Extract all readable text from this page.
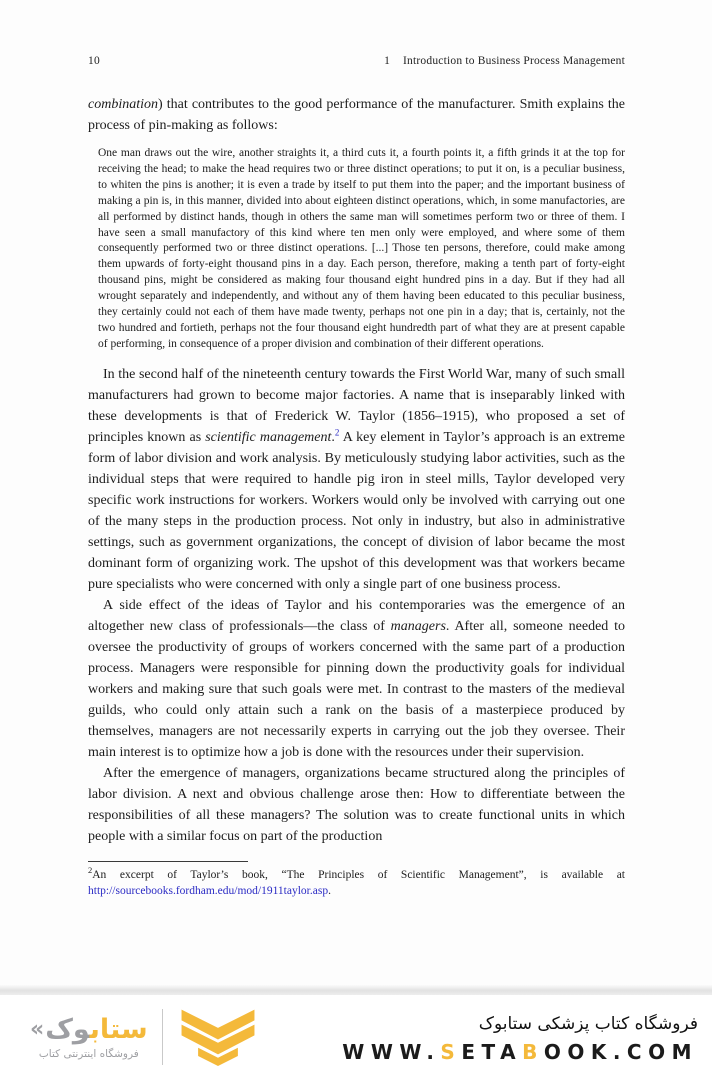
10	1 Introduction to Business Process Management

combination) that contributes to the good performance of the manufacturer. Smith explains the process of pin-making as follows:

One man draws out the wire, another straights it, a third cuts it, a fourth points it, a fifth grinds it at the top for receiving the head; to make the head requires two or three distinct operations; to put it on, is a peculiar business, to whiten the pins is another; it is even a trade by itself to put them into the paper; and the important business of making a pin is, in this manner, divided into about eighteen distinct operations, which, in some manufactories, are all performed by distinct hands, though in others the same man will sometimes perform two or three of them. I have seen a small manufactory of this kind where ten men only were employed, and where some of them consequently performed two or three distinct operations. [...] Those ten persons, therefore, could make among them upwards of forty-eight thousand pins in a day. Each person, therefore, making a tenth part of forty-eight thousand pins, might be considered as making four thousand eight hundred pins in a day. But if they had all wrought separately and independently, and without any of them having been educated to this peculiar business, they certainly could not each of them have made twenty, perhaps not one pin in a day; that is, certainly, not the two hundred and fortieth, perhaps not the four thousand eight hundredth part of what they are at present capable of performing, in consequence of a proper division and combination of their different operations.

In the second half of the nineteenth century towards the First World War, many of such small manufacturers had grown to become major factories. A name that is inseparably linked with these developments is that of Frederick W. Taylor (1856–1915), who proposed a set of principles known as scientific management.$^2$ A key element in Taylor’s approach is an extreme form of labor division and work analysis. By meticulously studying labor activities, such as the individual steps that were required to handle pig iron in steel mills, Taylor developed very specific work instructions for workers. Workers would only be involved with carrying out one of the many steps in the production process. Not only in industry, but also in administrative settings, such as government organizations, the concept of division of labor became the most dominant form of organizing work. The upshot of this development was that workers became pure specialists who were concerned with only a single part of one business process.

A side effect of the ideas of Taylor and his contemporaries was the emergence of an altogether new class of professionals—the class of managers. After all, someone needed to oversee the productivity of groups of workers concerned with the same part of a production process. Managers were responsible for pinning down the productivity goals for individual workers and making sure that such goals were met. In contrast to the masters of the medieval guilds, who could only attain such a rank on the basis of a masterpiece produced by themselves, managers are not necessarily experts in carrying out the job they oversee. Their main interest is to optimize how a job is done with the resources under their supervision.

After the emergence of managers, organizations became structured along the principles of labor division. A next and obvious challenge arose then: How to differentiate between the responsibilities of all these managers? The solution was to create functional units in which people with a similar focus on part of the production

$^2$An excerpt of Taylor’s book, “The Principles of Scientific Management”, is available at http://sourcebooks.fordham.edu/mod/1911taylor.asp.

«	ستابوک
فروشگاه اینترنتی کتاب
فروشگاه کتاب پزشکی ستابوک
WWW.SETABOOK.COM
